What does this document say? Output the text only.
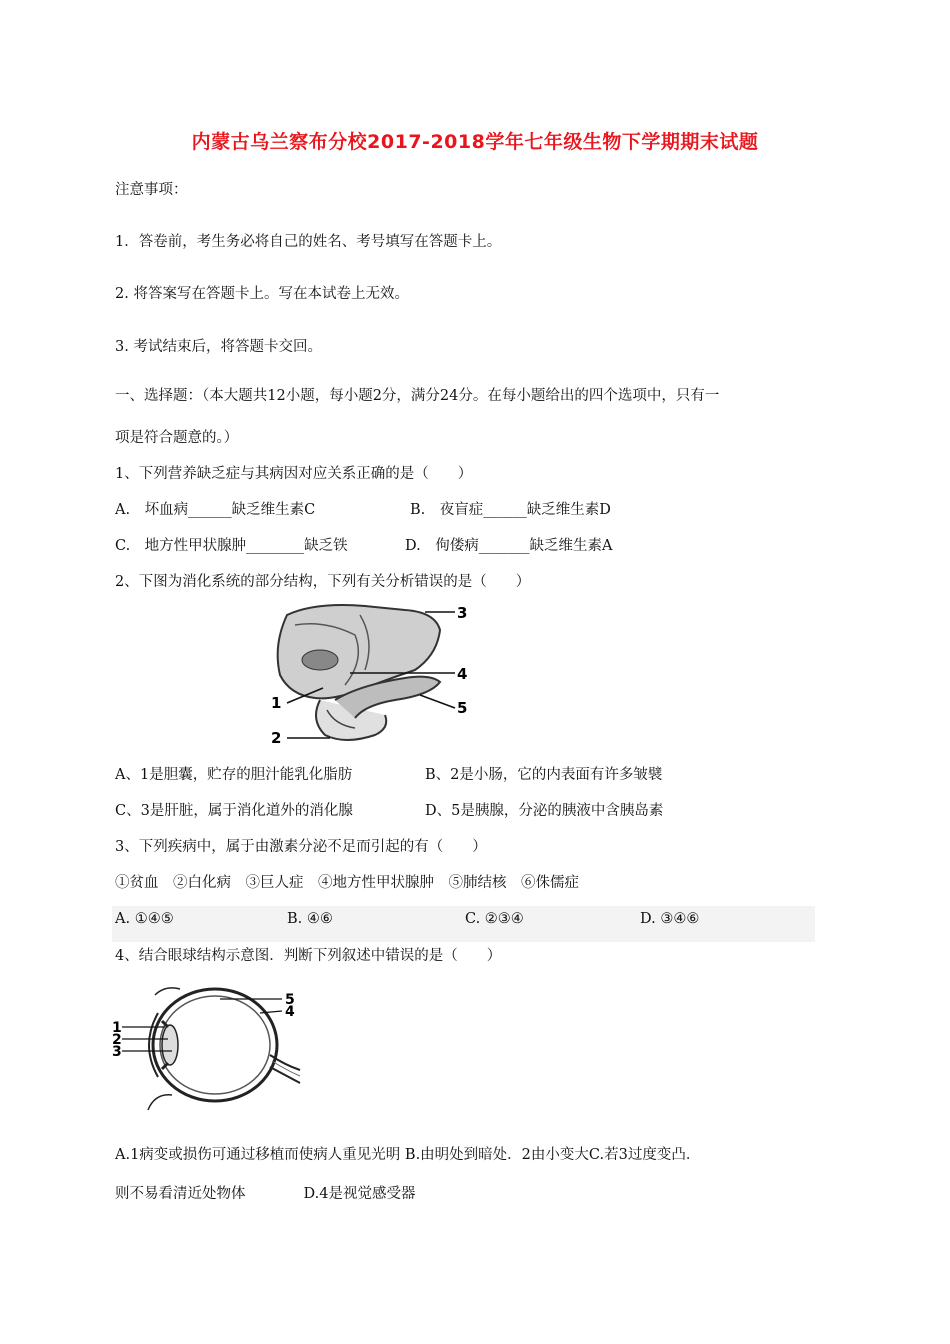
内蒙古乌兰察布分校2017-2018学年七年级生物下学期期末试题
注意事项：
1．答卷前，考生务必将自己的姓名、考号填写在答题卡上。
2. 将答案写在答题卡上。写在本试卷上无效。
3. 考试结束后，将答题卡交回。
一、选择题：（本大题共12小题，每小题2分，满分24分。在每小题给出的四个选项中，只有一
项是符合题意的。）
1、下列营养缺乏症与其病因对应关系正确的是（　　）
A.　坏血病______缺乏维生素C	B.　夜盲症______缺乏维生素D
C.　地方性甲状腺肿________缺乏铁	D.　佝偻病_______缺乏维生素A
2、下图为消化系统的部分结构，下列有关分析错误的是（　　）
1
2
3
4
5
A、1是胆囊，贮存的胆汁能乳化脂肪	B、2是小肠，它的内表面有许多皱襞
C、3是肝脏，属于消化道外的消化腺	D、5是胰腺，分泌的胰液中含胰岛素
3、下列疾病中，属于由激素分泌不足而引起的有（　　）
①贫血　②白化病　③巨人症　④地方性甲状腺肿　⑤肺结核　⑥侏儒症
A. ①④⑤	B. ④⑥	C. ②③④	D. ③④⑥
4、结合眼球结构示意图．判断下列叙述中错误的是（　　）
1
2
3
4
5
A.1病变或损伤可通过移植而使病人重见光明 B.由明处到暗处．2由小变大C.若3过度变凸．
则不易看清近处物体　　　　D.4是视觉感受器
